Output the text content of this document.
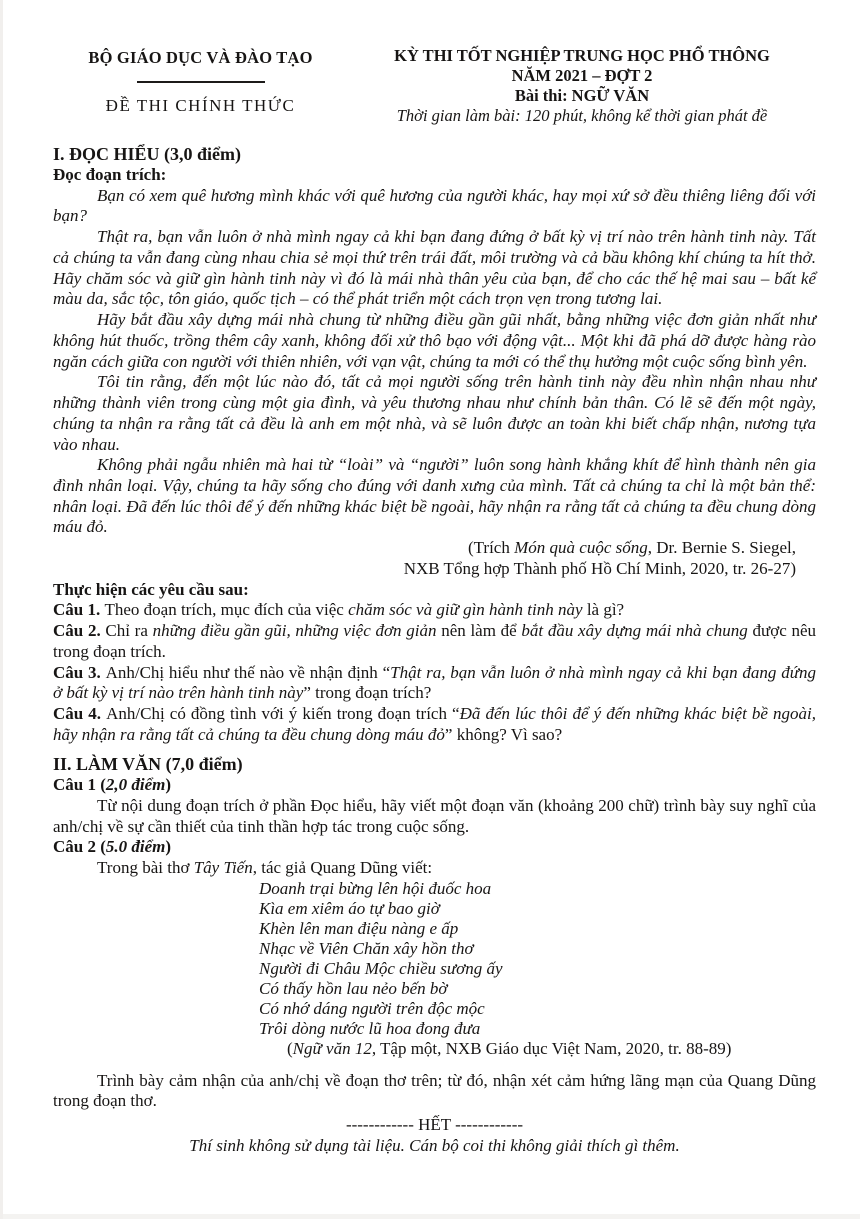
BỘ GIÁO DỤC VÀ ĐÀO TẠO
ĐỀ THI CHÍNH THỨC
KỲ THI TỐT NGHIỆP TRUNG HỌC PHỔ THÔNG
NĂM 2021 – ĐỢT 2
Bài thi: NGỮ VĂN
Thời gian làm bài: 120 phút, không kể thời gian phát đề
I. ĐỌC HIỂU (3,0 điểm)

Đọc đoạn trích:

Bạn có xem quê hương mình khác với quê hương của người khác, hay mọi xứ sở đều thiêng liêng đối với bạn?

Thật ra, bạn vẫn luôn ở nhà mình ngay cả khi bạn đang đứng ở bất kỳ vị trí nào trên hành tinh này. Tất cả chúng ta vẫn đang cùng nhau chia sẻ mọi thứ trên trái đất, môi trường và cả bầu không khí chúng ta hít thở. Hãy chăm sóc và giữ gìn hành tinh này vì đó là mái nhà thân yêu của bạn, để cho các thế hệ mai sau – bất kể màu da, sắc tộc, tôn giáo, quốc tịch – có thể phát triển một cách trọn vẹn trong tương lai.

Hãy bắt đầu xây dựng mái nhà chung từ những điều gần gũi nhất, bằng những việc đơn giản nhất như không hút thuốc, trồng thêm cây xanh, không đối xử thô bạo với động vật... Một khi đã phá dỡ được hàng rào ngăn cách giữa con người với thiên nhiên, với vạn vật, chúng ta mới có thể thụ hưởng một cuộc sống bình yên.

Tôi tin rằng, đến một lúc nào đó, tất cả mọi người sống trên hành tinh này đều nhìn nhận nhau như những thành viên trong cùng một gia đình, và yêu thương nhau như chính bản thân. Có lẽ sẽ đến một ngày, chúng ta nhận ra rằng tất cả đều là anh em một nhà, và sẽ luôn được an toàn khi biết chấp nhận, nương tựa vào nhau.

Không phải ngẫu nhiên mà hai từ “loài” và “người” luôn song hành khắng khít để hình thành nên gia đình nhân loại. Vậy, chúng ta hãy sống cho đúng với danh xưng của mình. Tất cả chúng ta chỉ là một bản thể: nhân loại. Đã đến lúc thôi để ý đến những khác biệt bề ngoài, hãy nhận ra rằng tất cả chúng ta đều chung dòng máu đỏ.

(Trích Món quà cuộc sống, Dr. Bernie S. Siegel,

NXB Tổng hợp Thành phố Hồ Chí Minh, 2020, tr. 26-27)

Thực hiện các yêu cầu sau:

Câu 1. Theo đoạn trích, mục đích của việc chăm sóc và giữ gìn hành tinh này là gì?

Câu 2. Chỉ ra những điều gần gũi, những việc đơn giản nên làm để bắt đầu xây dựng mái nhà chung được nêu trong đoạn trích.

Câu 3. Anh/Chị hiểu như thế nào về nhận định “Thật ra, bạn vẫn luôn ở nhà mình ngay cả khi bạn đang đứng ở bất kỳ vị trí nào trên hành tinh này” trong đoạn trích?

Câu 4. Anh/Chị có đồng tình với ý kiến trong đoạn trích “Đã đến lúc thôi để ý đến những khác biệt bề ngoài, hãy nhận ra rằng tất cả chúng ta đều chung dòng máu đỏ” không? Vì sao?

II. LÀM VĂN (7,0 điểm)

Câu 1 (2,0 điểm)

Từ nội dung đoạn trích ở phần Đọc hiểu, hãy viết một đoạn văn (khoảng 200 chữ) trình bày suy nghĩ của anh/chị về sự cần thiết của tinh thần hợp tác trong cuộc sống.

Câu 2 (5.0 điểm)

Trong bài thơ Tây Tiến, tác giả Quang Dũng viết:

Doanh trại bừng lên hội đuốc hoa
Kìa em xiêm áo tự bao giờ
Khèn lên man điệu nàng e ấp
Nhạc về Viên Chăn xây hồn thơ
Người đi Châu Mộc chiều sương ấy
Có thấy hồn lau nẻo bến bờ
Có nhớ dáng người trên độc mộc
Trôi dòng nước lũ hoa đong đưa
(Ngữ văn 12, Tập một, NXB Giáo dục Việt Nam, 2020, tr. 88-89)

Trình bày cảm nhận của anh/chị về đoạn thơ trên; từ đó, nhận xét cảm hứng lãng mạn của Quang Dũng trong đoạn thơ.

------------ HẾT ------------

Thí sinh không sử dụng tài liệu. Cán bộ coi thi không giải thích gì thêm.
